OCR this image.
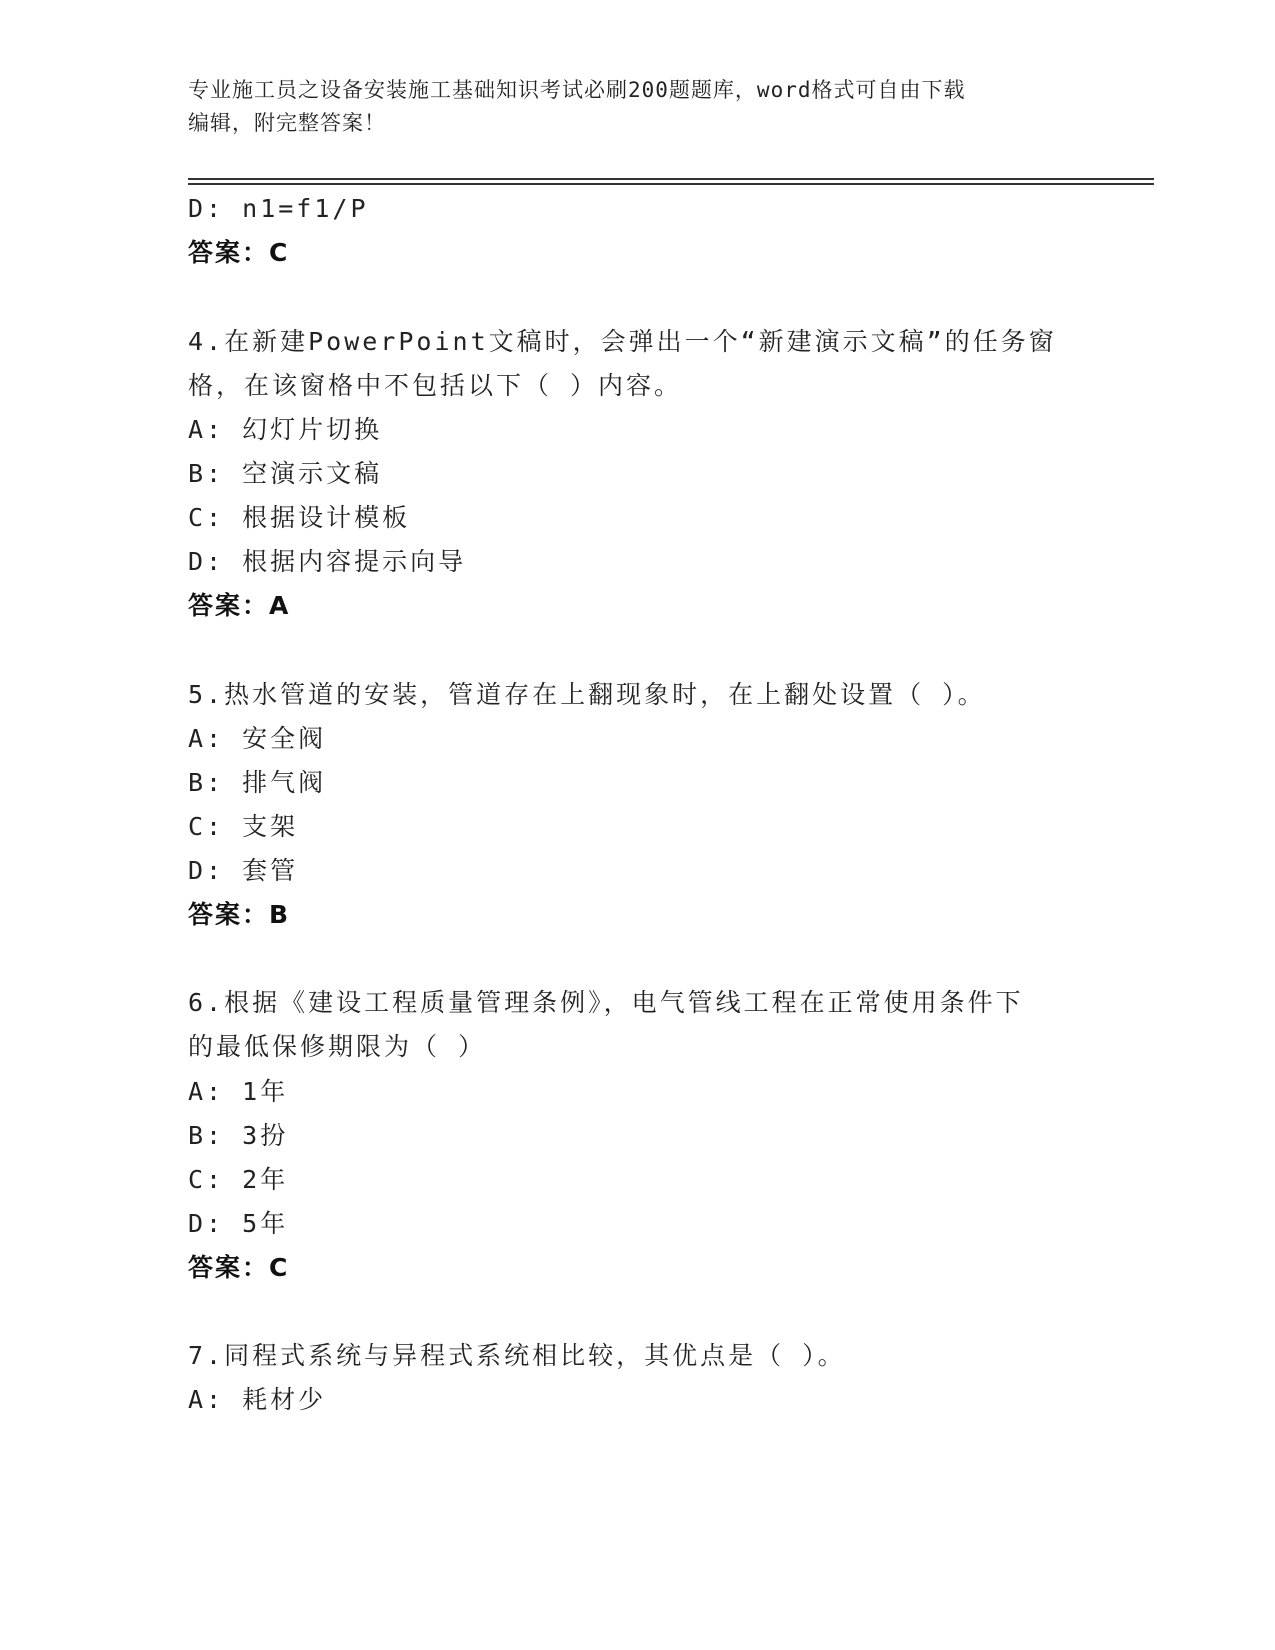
专业施工员之设备安装施工基础知识考试必刷200题题库，word格式可自由下载
编辑，附完整答案！
D: n1=f1/P
答案：C
4.在新建PowerPoint文稿时，会弹出一个“新建演示文稿”的任务窗
格，在该窗格中不包括以下（ ）内容。
A: 幻灯片切换
B: 空演示文稿
C: 根据设计模板
D: 根据内容提示向导
答案：A
5.热水管道的安装，管道存在上翻现象时，在上翻处设置（ ）。
A: 安全阀
B: 排气阀
C: 支架
D: 套管
答案：B
6.根据《建设工程质量管理条例》，电气管线工程在正常使用条件下
的最低保修期限为（ ）
A: 1年
B: 3扮
C: 2年
D: 5年
答案：C
7.同程式系统与异程式系统相比较，其优点是（ ）。
A: 耗材少
